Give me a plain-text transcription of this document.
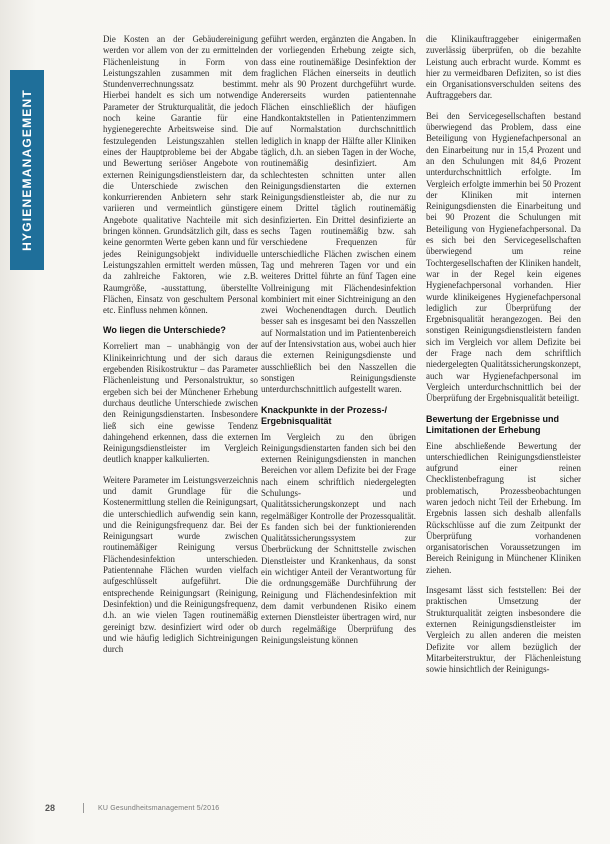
HYGIENEMANAGEMENT

Die Kosten an der Gebäudereinigung werden vor allem von der zu ermittelnden Flächenleistung in Form von Leistungszahlen zusammen mit dem Stundenverrechnungssatz bestimmt. Hierbei handelt es sich um notwendige Parameter der Strukturqualität, die jedoch noch keine Garantie für eine hygienegerechte Arbeitsweise sind. Die festzulegenden Leistungszahlen stellen eines der Hauptprobleme bei der Abgabe und Bewertung seriöser Angebote von externen Reinigungsdienstleistern dar, da die Unterschiede zwischen den konkurrierenden Anbietern sehr stark variieren und vermeintlich günstigere Angebote qualitative Nachteile mit sich bringen können. Grundsätzlich gilt, dass es keine genormten Werte geben kann und für jedes Reinigungsobjekt individuelle Leistungszahlen ermittelt werden müssen, da zahlreiche Faktoren, wie z.B. Raumgröße, -ausstattung, überstellte Flächen, Einsatz von geschultem Personal etc. Einfluss nehmen können.

Wo liegen die Unterschiede?

Korreliert man – unabhängig von der Klinikeinrichtung und der sich daraus ergebenden Risikostruktur – das Parameter Flächenleistung und Personalstruktur, so ergeben sich bei der Münchener Erhebung durchaus deutliche Unterschiede zwischen den Reinigungsdienstarten. Insbesondere ließ sich eine gewisse Tendenz dahingehend erkennen, dass die externen Reinigungsdienstleister im Vergleich deutlich knapper kalkulierten.

Weitere Parameter im Leistungsverzeichnis und damit Grundlage für die Kostenermittlung stellen die Reinigungsart, die unterschiedlich aufwendig sein kann, und die Reinigungsfrequenz dar. Bei der Reinigungsart wurde zwischen routinemäßiger Reinigung versus Flächendesinfektion unterschieden. Patientennahe Flächen wurden vielfach aufgeschlüsselt aufgeführt. Die entsprechende Reinigungsart (Reinigung, Desinfektion) und die Reinigungsfrequenz, d.h. an wie vielen Tagen routinemäßig gereinigt bzw. desinfiziert wird oder ob und wie häufig lediglich Sichtreinigungen durch

geführt werden, ergänzten die Angaben. In der vorliegenden Erhebung zeigte sich, dass eine routinemäßige Desinfektion der fraglichen Flächen einerseits in deutlich mehr als 90 Prozent durchgeführt wurde. Andererseits wurden patientennahe Flächen einschließlich der häufigen Handkontaktstellen in Patientenzimmern auf Normalstation durchschnittlich lediglich in knapp der Hälfte aller Kliniken täglich, d.h. an sieben Tagen in der Woche, routinemäßig desinfiziert. Am schlechtesten schnitten unter allen Reinigungsdienstarten die externen Reinigungsdienstleister ab, die nur zu einem Drittel täglich routinemäßig desinfizierten. Ein Drittel desinfizierte an sechs Tagen routinemäßig bzw. sah verschiedene Frequenzen für unterschiedliche Flächen zwischen einem Tag und mehreren Tagen vor und ein weiteres Drittel führte an fünf Tagen eine Vollreinigung mit Flächendesinfektion kombiniert mit einer Sichtreinigung an den zwei Wochenendtagen durch. Deutlich besser sah es insgesamt bei den Nasszellen auf Normalstation und im Patientenbereich auf der Intensivstation aus, wobei auch hier die externen Reinigungsdienste und ausschließlich bei den Nasszellen die sonstigen Reinigungsdienste unterdurchschnittlich aufgestellt waren.

Knackpunkte in der Prozess-/ Ergebnisqualität

Im Vergleich zu den übrigen Reinigungsdienstarten fanden sich bei den externen Reinigungsdiensten in manchen Bereichen vor allem Defizite bei der Frage nach einem schriftlich niedergelegten Schulungs- und Qualitätssicherungskonzept und nach regelmäßiger Kontrolle der Prozessqualität. Es fanden sich bei der funktionierenden Qualitätssicherungssystem zur Überbrückung der Schnittstelle zwischen Dienstleister und Krankenhaus, da sonst ein wichtiger Anteil der Verantwortung für die ordnungsgemäße Durchführung der Reinigung und Flächendesinfektion mit dem damit verbundenen Risiko einem externen Dienstleister übertragen wird, nur durch regelmäßige Überprüfung des Reinigungsleistung können

die Klinikauftraggeber einigermaßen zuverlässig überprüfen, ob die bezahlte Leistung auch erbracht wurde. Kommt es hier zu vermeidbaren Defiziten, so ist dies ein Organisationsverschulden seitens des Auftraggebers dar.

Bei den Servicegesellschaften bestand überwiegend das Problem, dass eine Beteiligung von Hygienefachpersonal an den Einarbeitung nur in 15,4 Prozent und an den Schulungen mit 84,6 Prozent unterdurchschnittlich erfolgte. Im Vergleich erfolgte immerhin bei 50 Prozent der Kliniken mit internen Reinigungsdiensten die Einarbeitung und bei 90 Prozent die Schulungen mit Beteiligung von Hygienefachpersonal. Da es sich bei den Servicegesellschaften überwiegend um reine Tochtergesellschaften der Kliniken handelt, war in der Regel kein eigenes Hygienefachpersonal vorhanden. Hier wurde klinikeigenes Hygienefachpersonal lediglich zur Überprüfung der Ergebnisqualität herangezogen. Bei den sonstigen Reinigungsdienstleistern fanden sich im Vergleich vor allem Defizite bei der Frage nach dem schriftlich niedergelegten Qualitätssicherungskonzept, auch war Hygienefachpersonal im Vergleich unterdurchschnittlich bei der Überprüfung der Ergebnisqualität beteiligt.

Bewertung der Ergebnisse und Limitationen der Erhebung

Eine abschließende Bewertung der unterschiedlichen Reinigungsdienstleister aufgrund einer reinen Checklistenbefragung ist sicher problematisch, Prozessbeobachtungen waren jedoch nicht Teil der Erhebung. Im Ergebnis lassen sich deshalb allenfalls Rückschlüsse auf die zum Zeitpunkt der Überprüfung vorhandenen organisatorischen Voraussetzungen im Bereich Reinigung in Münchener Kliniken ziehen.

Insgesamt lässt sich feststellen: Bei der praktischen Umsetzung der Strukturqualität zeigten insbesondere die externen Reinigungsdienstleister im Vergleich zu allen anderen die meisten Defizite vor allem bezüglich der Mitarbeiterstruktur, der Flächenleistung sowie hinsichtlich der Reinigungs-

28	KU Gesundheitsmanagement 5/2016
